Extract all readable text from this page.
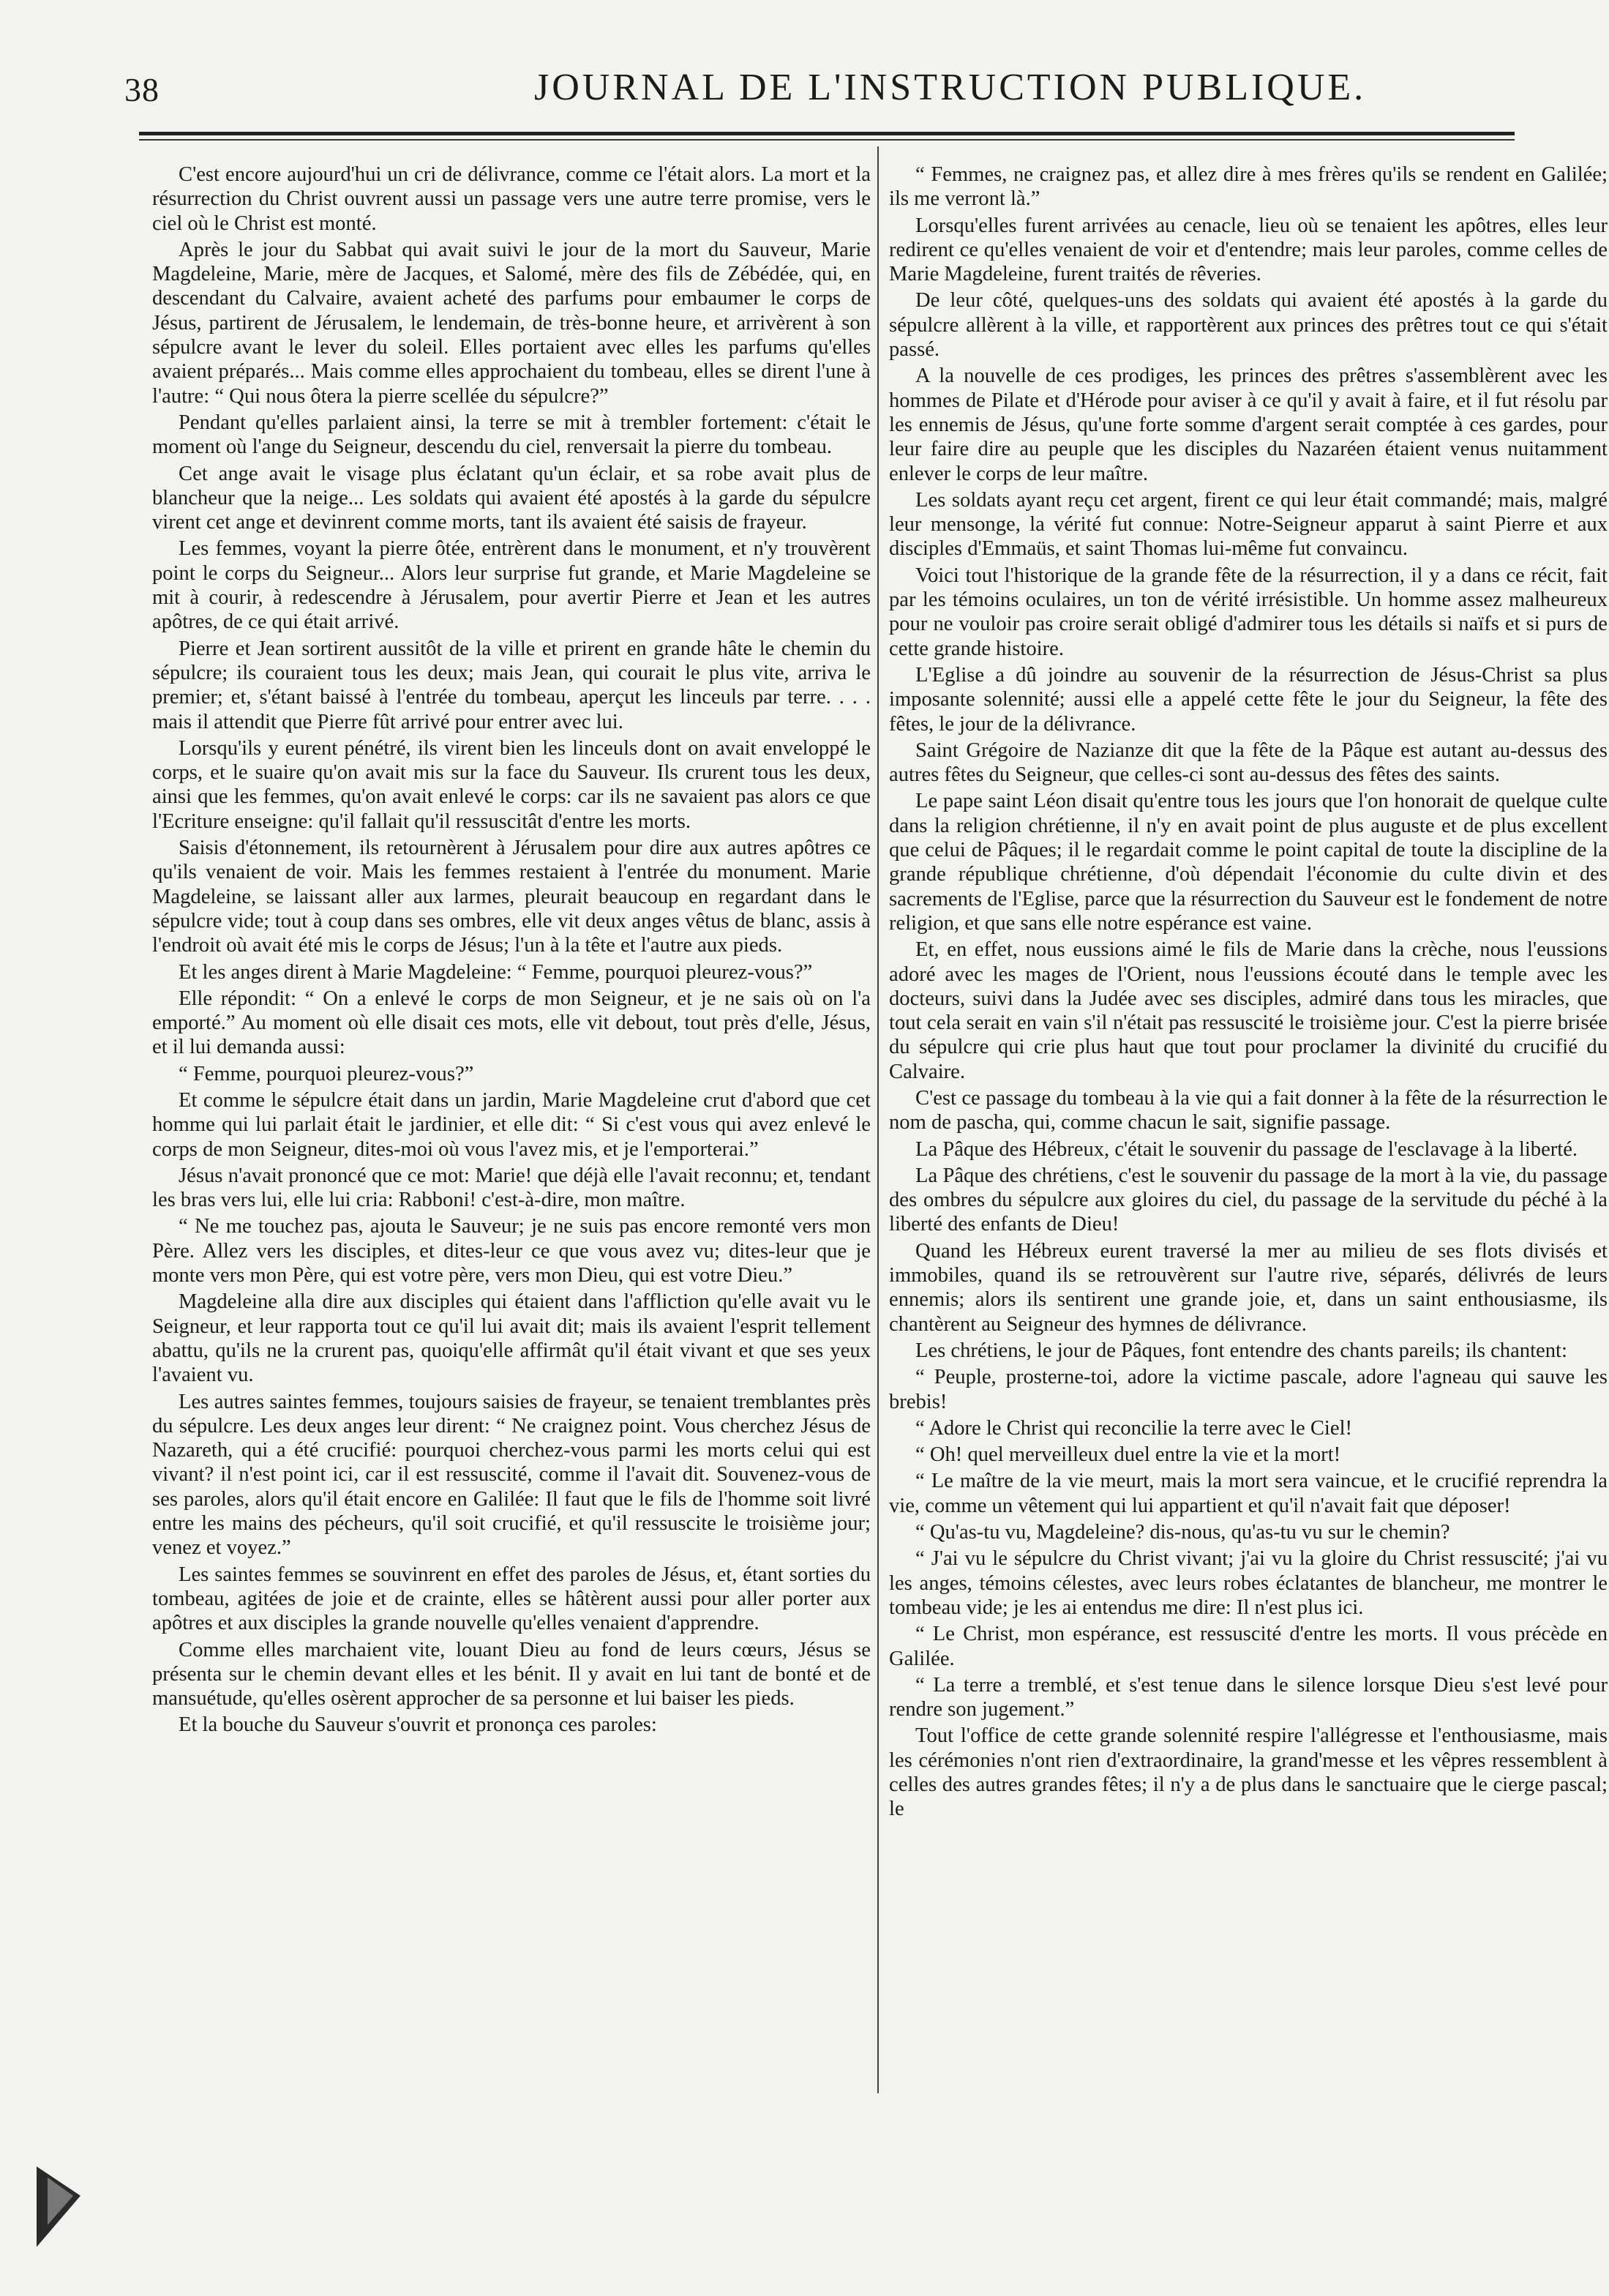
38	JOURNAL DE L'INSTRUCTION PUBLIQUE.

C'est encore aujourd'hui un cri de délivrance, comme ce l'était alors. La mort et la résurrection du Christ ouvrent aussi un passage vers une autre terre promise, vers le ciel où le Christ est monté.

Après le jour du Sabbat qui avait suivi le jour de la mort du Sauveur, Marie Magdeleine, Marie, mère de Jacques, et Salomé, mère des fils de Zébédée, qui, en descendant du Calvaire, avaient acheté des parfums pour embaumer le corps de Jésus, partirent de Jérusalem, le lendemain, de très-bonne heure, et arrivèrent à son sépulcre avant le lever du soleil. Elles portaient avec elles les parfums qu'elles avaient préparés... Mais comme elles approchaient du tombeau, elles se dirent l'une à l'autre: “ Qui nous ôtera la pierre scellée du sépulcre?”

Pendant qu'elles parlaient ainsi, la terre se mit à trembler fortement: c'était le moment où l'ange du Seigneur, descendu du ciel, renversait la pierre du tombeau.

Cet ange avait le visage plus éclatant qu'un éclair, et sa robe avait plus de blancheur que la neige... Les soldats qui avaient été apostés à la garde du sépulcre virent cet ange et devinrent comme morts, tant ils avaient été saisis de frayeur.

Les femmes, voyant la pierre ôtée, entrèrent dans le monument, et n'y trouvèrent point le corps du Seigneur... Alors leur surprise fut grande, et Marie Magdeleine se mit à courir, à redescendre à Jérusalem, pour avertir Pierre et Jean et les autres apôtres, de ce qui était arrivé.

Pierre et Jean sortirent aussitôt de la ville et prirent en grande hâte le chemin du sépulcre; ils couraient tous les deux; mais Jean, qui courait le plus vite, arriva le premier; et, s'étant baissé à l'entrée du tombeau, aperçut les linceuls par terre. . . . mais il attendit que Pierre fût arrivé pour entrer avec lui.

Lorsqu'ils y eurent pénétré, ils virent bien les linceuls dont on avait enveloppé le corps, et le suaire qu'on avait mis sur la face du Sauveur. Ils crurent tous les deux, ainsi que les femmes, qu'on avait enlevé le corps: car ils ne savaient pas alors ce que l'Ecriture enseigne: qu'il fallait qu'il ressuscitât d'entre les morts.

Saisis d'étonnement, ils retournèrent à Jérusalem pour dire aux autres apôtres ce qu'ils venaient de voir. Mais les femmes restaient à l'entrée du monument. Marie Magdeleine, se laissant aller aux larmes, pleurait beaucoup en regardant dans le sépulcre vide; tout à coup dans ses ombres, elle vit deux anges vêtus de blanc, assis à l'endroit où avait été mis le corps de Jésus; l'un à la tête et l'autre aux pieds.

Et les anges dirent à Marie Magdeleine: “ Femme, pourquoi pleurez-vous?”

Elle répondit: “ On a enlevé le corps de mon Seigneur, et je ne sais où on l'a emporté.” Au moment où elle disait ces mots, elle vit debout, tout près d'elle, Jésus, et il lui demanda aussi:

“ Femme, pourquoi pleurez-vous?”

Et comme le sépulcre était dans un jardin, Marie Magdeleine crut d'abord que cet homme qui lui parlait était le jardinier, et elle dit: “ Si c'est vous qui avez enlevé le corps de mon Seigneur, dites-moi où vous l'avez mis, et je l'emporterai.”

Jésus n'avait prononcé que ce mot: Marie! que déjà elle l'avait reconnu; et, tendant les bras vers lui, elle lui cria: Rabboni! c'est-à-dire, mon maître.

“ Ne me touchez pas, ajouta le Sauveur; je ne suis pas encore remonté vers mon Père. Allez vers les disciples, et dites-leur ce que vous avez vu; dites-leur que je monte vers mon Père, qui est votre père, vers mon Dieu, qui est votre Dieu.”

Magdeleine alla dire aux disciples qui étaient dans l'affliction qu'elle avait vu le Seigneur, et leur rapporta tout ce qu'il lui avait dit; mais ils avaient l'esprit tellement abattu, qu'ils ne la crurent pas, quoiqu'elle affirmât qu'il était vivant et que ses yeux l'avaient vu.

Les autres saintes femmes, toujours saisies de frayeur, se tenaient tremblantes près du sépulcre. Les deux anges leur dirent: “ Ne craignez point. Vous cherchez Jésus de Nazareth, qui a été crucifié: pourquoi cherchez-vous parmi les morts celui qui est vivant? il n'est point ici, car il est ressuscité, comme il l'avait dit. Souvenez-vous de ses paroles, alors qu'il était encore en Galilée: Il faut que le fils de l'homme soit livré entre les mains des pécheurs, qu'il soit crucifié, et qu'il ressuscite le troisième jour; venez et voyez.”

Les saintes femmes se souvinrent en effet des paroles de Jésus, et, étant sorties du tombeau, agitées de joie et de crainte, elles se hâtèrent aussi pour aller porter aux apôtres et aux disciples la grande nouvelle qu'elles venaient d'apprendre.

Comme elles marchaient vite, louant Dieu au fond de leurs cœurs, Jésus se présenta sur le chemin devant elles et les bénit. Il y avait en lui tant de bonté et de mansuétude, qu'elles osèrent approcher de sa personne et lui baiser les pieds.

Et la bouche du Sauveur s'ouvrit et prononça ces paroles:

“ Femmes, ne craignez pas, et allez dire à mes frères qu'ils se rendent en Galilée; ils me verront là.”

Lorsqu'elles furent arrivées au cenacle, lieu où se tenaient les apôtres, elles leur redirent ce qu'elles venaient de voir et d'entendre; mais leur paroles, comme celles de Marie Magdeleine, furent traités de rêveries.

De leur côté, quelques-uns des soldats qui avaient été apostés à la garde du sépulcre allèrent à la ville, et rapportèrent aux princes des prêtres tout ce qui s'était passé.

A la nouvelle de ces prodiges, les princes des prêtres s'assemblèrent avec les hommes de Pilate et d'Hérode pour aviser à ce qu'il y avait à faire, et il fut résolu par les ennemis de Jésus, qu'une forte somme d'argent serait comptée à ces gardes, pour leur faire dire au peuple que les disciples du Nazaréen étaient venus nuitamment enlever le corps de leur maître.

Les soldats ayant reçu cet argent, firent ce qui leur était commandé; mais, malgré leur mensonge, la vérité fut connue: Notre-Seigneur apparut à saint Pierre et aux disciples d'Emmaüs, et saint Thomas lui-même fut convaincu.

Voici tout l'historique de la grande fête de la résurrection, il y a dans ce récit, fait par les témoins oculaires, un ton de vérité irrésistible. Un homme assez malheureux pour ne vouloir pas croire serait obligé d'admirer tous les détails si naïfs et si purs de cette grande histoire.

L'Eglise a dû joindre au souvenir de la résurrection de Jésus-Christ sa plus imposante solennité; aussi elle a appelé cette fête le jour du Seigneur, la fête des fêtes, le jour de la délivrance.

Saint Grégoire de Nazianze dit que la fête de la Pâque est autant au-dessus des autres fêtes du Seigneur, que celles-ci sont au-dessus des fêtes des saints.

Le pape saint Léon disait qu'entre tous les jours que l'on honorait de quelque culte dans la religion chrétienne, il n'y en avait point de plus auguste et de plus excellent que celui de Pâques; il le regardait comme le point capital de toute la discipline de la grande république chrétienne, d'où dépendait l'économie du culte divin et des sacrements de l'Eglise, parce que la résurrection du Sauveur est le fondement de notre religion, et que sans elle notre espérance est vaine.

Et, en effet, nous eussions aimé le fils de Marie dans la crèche, nous l'eussions adoré avec les mages de l'Orient, nous l'eussions écouté dans le temple avec les docteurs, suivi dans la Judée avec ses disciples, admiré dans tous les miracles, que tout cela serait en vain s'il n'était pas ressuscité le troisième jour. C'est la pierre brisée du sépulcre qui crie plus haut que tout pour proclamer la divinité du crucifié du Calvaire.

C'est ce passage du tombeau à la vie qui a fait donner à la fête de la résurrection le nom de pascha, qui, comme chacun le sait, signifie passage.

La Pâque des Hébreux, c'était le souvenir du passage de l'esclavage à la liberté.

La Pâque des chrétiens, c'est le souvenir du passage de la mort à la vie, du passage des ombres du sépulcre aux gloires du ciel, du passage de la servitude du péché à la liberté des enfants de Dieu!

Quand les Hébreux eurent traversé la mer au milieu de ses flots divisés et immobiles, quand ils se retrouvèrent sur l'autre rive, séparés, délivrés de leurs ennemis; alors ils sentirent une grande joie, et, dans un saint enthousiasme, ils chantèrent au Seigneur des hymnes de délivrance.

Les chrétiens, le jour de Pâques, font entendre des chants pareils; ils chantent:

“ Peuple, prosterne-toi, adore la victime pascale, adore l'agneau qui sauve les brebis!

“ Adore le Christ qui reconcilie la terre avec le Ciel!

“ Oh! quel merveilleux duel entre la vie et la mort!

“ Le maître de la vie meurt, mais la mort sera vaincue, et le crucifié reprendra la vie, comme un vêtement qui lui appartient et qu'il n'avait fait que déposer!

“ Qu'as-tu vu, Magdeleine? dis-nous, qu'as-tu vu sur le chemin?

“ J'ai vu le sépulcre du Christ vivant; j'ai vu la gloire du Christ ressuscité; j'ai vu les anges, témoins célestes, avec leurs robes éclatantes de blancheur, me montrer le tombeau vide; je les ai entendus me dire: Il n'est plus ici.

“ Le Christ, mon espérance, est ressuscité d'entre les morts. Il vous précède en Galilée.

“ La terre a tremblé, et s'est tenue dans le silence lorsque Dieu s'est levé pour rendre son jugement.”

Tout l'office de cette grande solennité respire l'allégresse et l'enthousiasme, mais les cérémonies n'ont rien d'extraordinaire, la grand'messe et les vêpres ressemblent à celles des autres grandes fêtes; il n'y a de plus dans le sanctuaire que le cierge pascal; le
